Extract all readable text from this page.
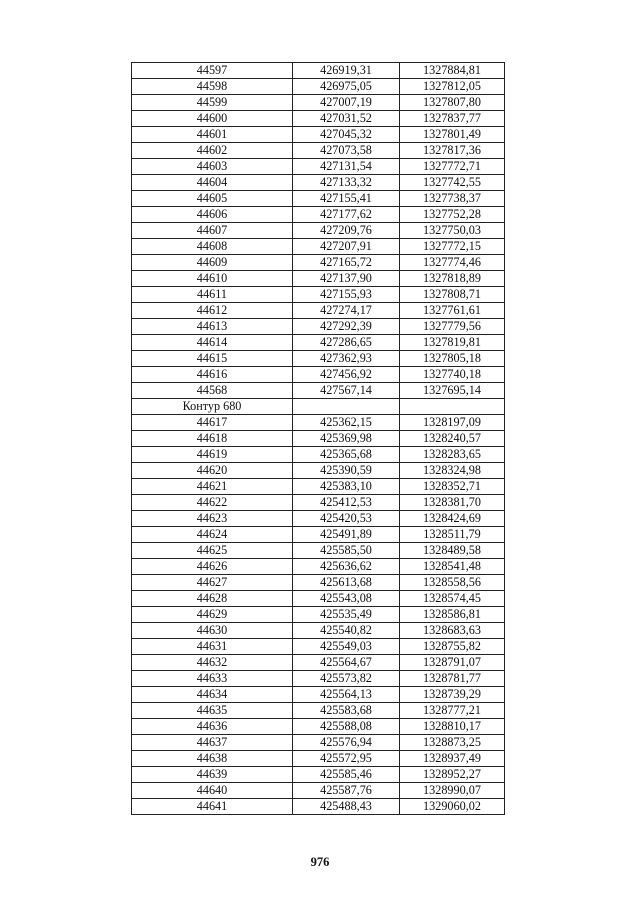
44597	426919,31	1327884,81
44598	426975,05	1327812,05
44599	427007,19	1327807,80
44600	427031,52	1327837,77
44601	427045,32	1327801,49
44602	427073,58	1327817,36
44603	427131,54	1327772,71
44604	427133,32	1327742,55
44605	427155,41	1327738,37
44606	427177,62	1327752,28
44607	427209,76	1327750,03
44608	427207,91	1327772,15
44609	427165,72	1327774,46
44610	427137,90	1327818,89
44611	427155,93	1327808,71
44612	427274,17	1327761,61
44613	427292,39	1327779,56
44614	427286,65	1327819,81
44615	427362,93	1327805,18
44616	427456,92	1327740,18
44568	427567,14	1327695,14
Контур 680		
44617	425362,15	1328197,09
44618	425369,98	1328240,57
44619	425365,68	1328283,65
44620	425390,59	1328324,98
44621	425383,10	1328352,71
44622	425412,53	1328381,70
44623	425420,53	1328424,69
44624	425491,89	1328511,79
44625	425585,50	1328489,58
44626	425636,62	1328541,48
44627	425613,68	1328558,56
44628	425543,08	1328574,45
44629	425535,49	1328586,81
44630	425540,82	1328683,63
44631	425549,03	1328755,82
44632	425564,67	1328791,07
44633	425573,82	1328781,77
44634	425564,13	1328739,29
44635	425583,68	1328777,21
44636	425588,08	1328810,17
44637	425576,94	1328873,25
44638	425572,95	1328937,49
44639	425585,46	1328952,27
44640	425587,76	1328990,07
44641	425488,43	1329060,02
976
